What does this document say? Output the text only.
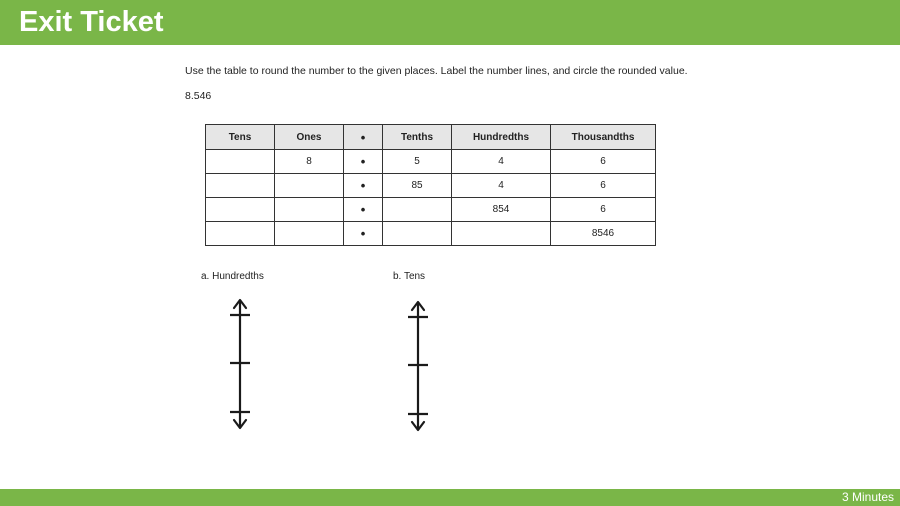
Exit Ticket
Use the table to round the number to the given places. Label the number lines, and circle the rounded value.
8.546
Tens	Ones	•	Tenths	Hundredths	Thousandths
	8	•	5	4	6
		•	85	4	6
		•		854	6
		•			8546
a. Hundredths	b. Tens
3 Minutes
